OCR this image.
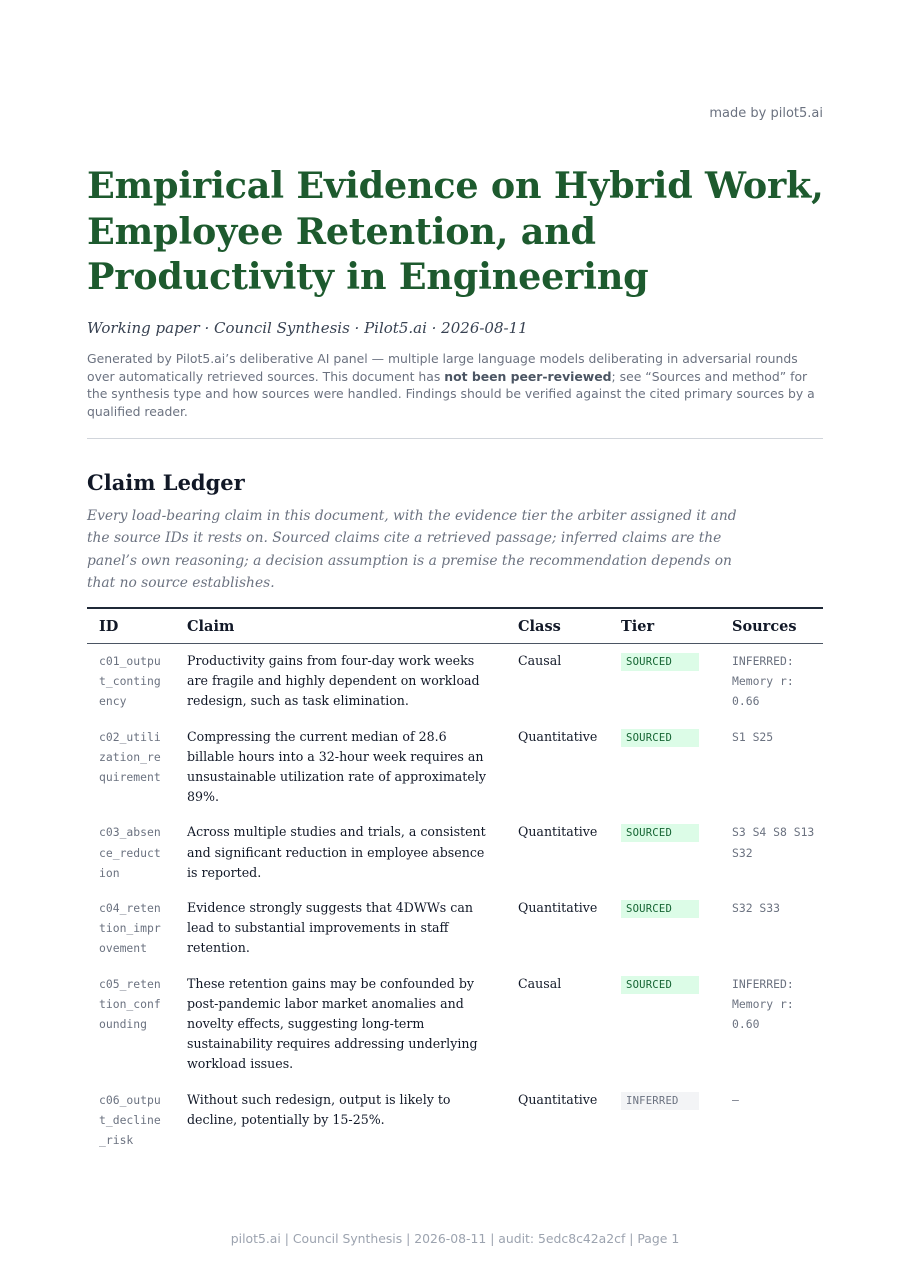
made by pilot5.ai
Empirical Evidence on Hybrid Work, Employee Retention, and Productivity in Engineering
Working paper · Council Synthesis · Pilot5.ai · 2026-08-11
Generated by Pilot5.ai’s deliberative AI panel — multiple large language models deliberating in adversarial rounds over automatically retrieved sources. This document has not been peer-reviewed; see “Sources and method” for the synthesis type and how sources were handled. Findings should be verified against the cited primary sources by a qualified reader.
Claim Ledger
Every load-bearing claim in this document, with the evidence tier the arbiter assigned it and the source IDs it rests on. Sourced claims cite a retrieved passage; inferred claims are the panel’s own reasoning; a decision assumption is a premise the recommendation depends on that no source establishes.
ID	Claim	Class	Tier	Sources
c01_output_contingency	Productivity gains from four-day work weeks are fragile and highly dependent on workload redesign, such as task elimination.	Causal	SOURCED	INFERRED: Memory r: 0.66
c02_utilization_requirement	Compressing the current median of 28.6 billable hours into a 32-hour week requires an unsustainable utilization rate of approximately 89%.	Quantitative	SOURCED	S1 S25
c03_absence_reduction	Across multiple studies and trials, a consistent and significant reduction in employee absence is reported.	Quantitative	SOURCED	S3 S4 S8 S13 S32
c04_retention_improvement	Evidence strongly suggests that 4DWWs can lead to substantial improvements in staff retention.	Quantitative	SOURCED	S32 S33
c05_retention_confounding	These retention gains may be confounded by post-pandemic labor market anomalies and novelty effects, suggesting long-term sustainability requires addressing underlying workload issues.	Causal	SOURCED	INFERRED: Memory r: 0.60
c06_output_decline_risk	Without such redesign, output is likely to decline, potentially by 15-25%.	Quantitative	INFERRED	—
pilot5.ai | Council Synthesis | 2026-08-11 | audit: 5edc8c42a2cf | Page 1
